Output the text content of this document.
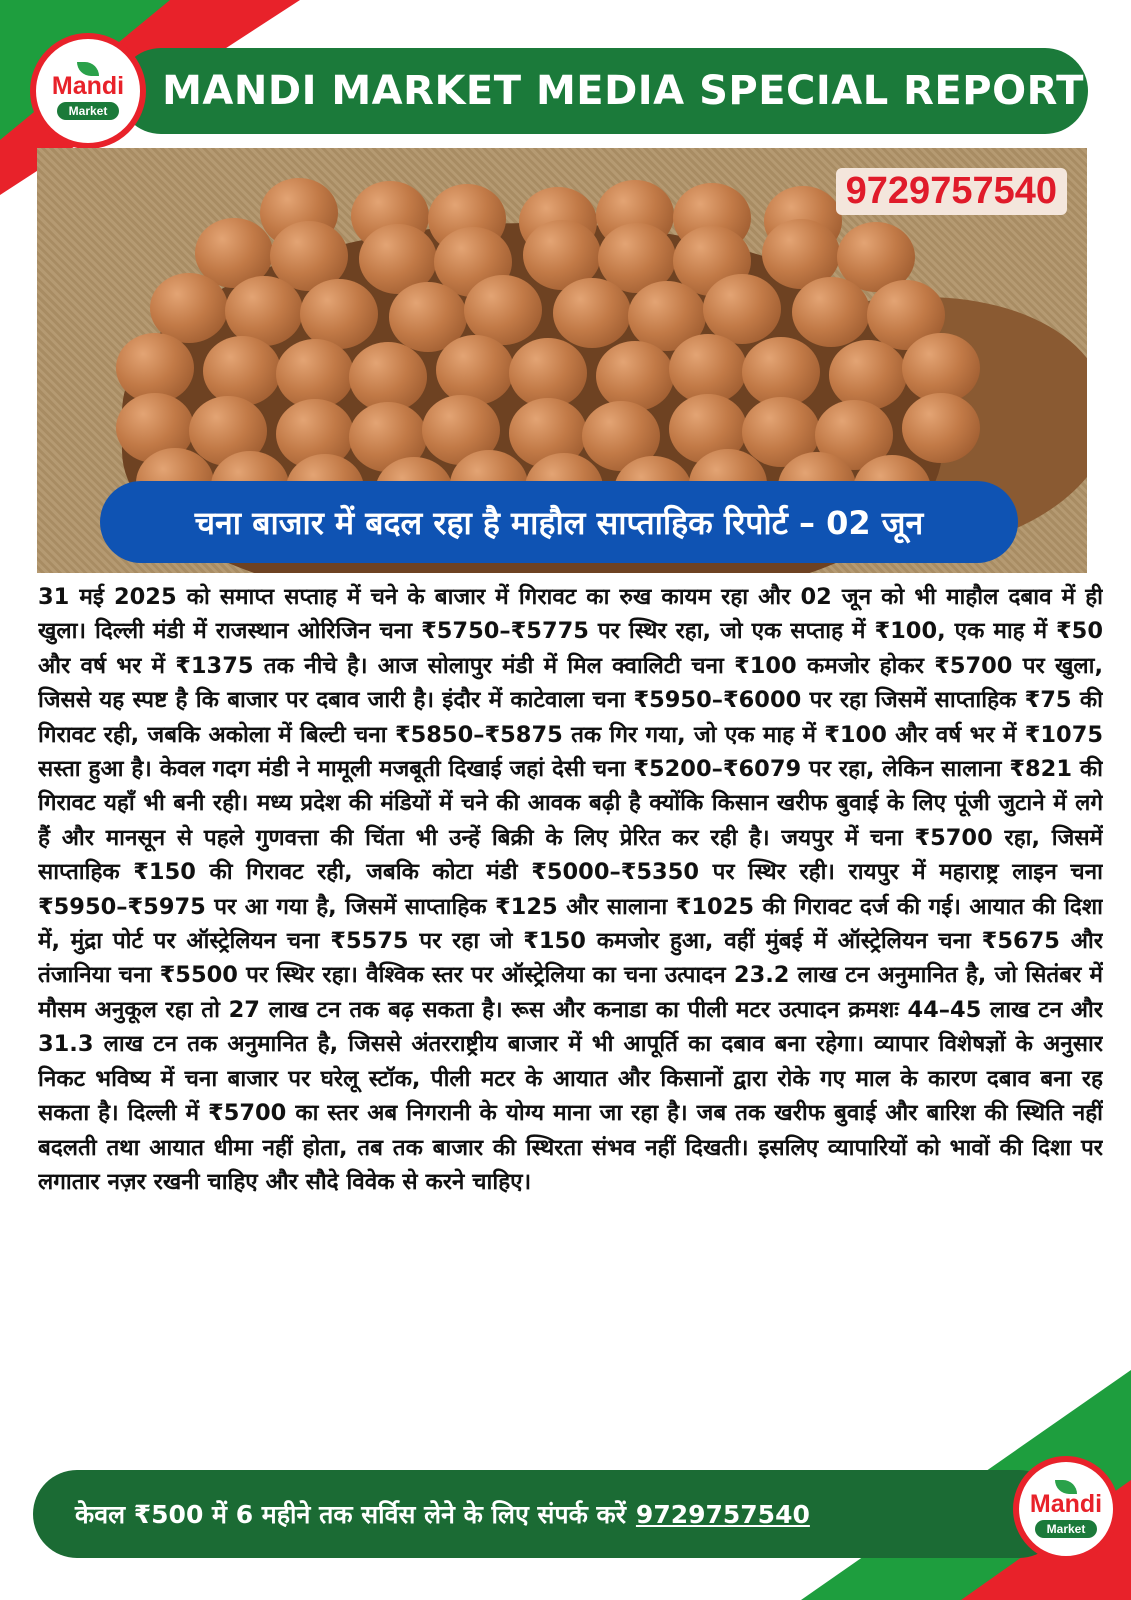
MANDI MARKET MEDIA SPECIAL REPORT
Mandi
Market
9729757540
चना बाजार में बदल रहा है माहौल साप्ताहिक रिपोर्ट – 02 जून
31 मई 2025 को समाप्त सप्ताह में चने के बाजार में गिरावट का रुख कायम रहा और 02 जून को भी माहौल दबाव में ही खुला। दिल्ली मंडी में राजस्थान ओरिजिन चना ₹5750–₹5775 पर स्थिर रहा, जो एक सप्ताह में ₹100, एक माह में ₹50 और वर्ष भर में ₹1375 तक नीचे है। आज सोलापुर मंडी में मिल क्वालिटी चना ₹100 कमजोर होकर ₹5700 पर खुला, जिससे यह स्पष्ट है कि बाजार पर दबाव जारी है। इंदौर में काटेवाला चना ₹5950–₹6000 पर रहा जिसमें साप्ताहिक ₹75 की गिरावट रही, जबकि अकोला में बिल्टी चना ₹5850–₹5875 तक गिर गया, जो एक माह में ₹100 और वर्ष भर में ₹1075 सस्ता हुआ है। केवल गदग मंडी ने मामूली मजबूती दिखाई जहां देसी चना ₹5200–₹6079 पर रहा, लेकिन सालाना ₹821 की गिरावट यहाँ भी बनी रही। मध्य प्रदेश की मंडियों में चने की आवक बढ़ी है क्योंकि किसान खरीफ बुवाई के लिए पूंजी जुटाने में लगे हैं और मानसून से पहले गुणवत्ता की चिंता भी उन्हें बिक्री के लिए प्रेरित कर रही है। जयपुर में चना ₹5700 रहा, जिसमें साप्ताहिक ₹150 की गिरावट रही, जबकि कोटा मंडी ₹5000–₹5350 पर स्थिर रही। रायपुर में महाराष्ट्र लाइन चना ₹5950–₹5975 पर आ गया है, जिसमें साप्ताहिक ₹125 और सालाना ₹1025 की गिरावट दर्ज की गई। आयात की दिशा में, मुंद्रा पोर्ट पर ऑस्ट्रेलियन चना ₹5575 पर रहा जो ₹150 कमजोर हुआ, वहीं मुंबई में ऑस्ट्रेलियन चना ₹5675 और तंजानिया चना ₹5500 पर स्थिर रहा। वैश्विक स्तर पर ऑस्ट्रेलिया का चना उत्पादन 23.2 लाख टन अनुमानित है, जो सितंबर में मौसम अनुकूल रहा तो 27 लाख टन तक बढ़ सकता है। रूस और कनाडा का पीली मटर उत्पादन क्रमशः 44–45 लाख टन और 31.3 लाख टन तक अनुमानित है, जिससे अंतरराष्ट्रीय बाजार में भी आपूर्ति का दबाव बना रहेगा। व्यापार विशेषज्ञों के अनुसार निकट भविष्य में चना बाजार पर घरेलू स्टॉक, पीली मटर के आयात और किसानों द्वारा रोके गए माल के कारण दबाव बना रह सकता है। दिल्ली में ₹5700 का स्तर अब निगरानी के योग्य माना जा रहा है। जब तक खरीफ बुवाई और बारिश की स्थिति नहीं बदलती तथा आयात धीमा नहीं होता, तब तक बाजार की स्थिरता संभव नहीं दिखती। इसलिए व्यापारियों को भावों की दिशा पर लगातार नज़र रखनी चाहिए और सौदे विवेक से करने चाहिए।
केवल ₹500 में 6 महीने तक सर्विस लेने के लिए संपर्क करें 9729757540	Mandi
Market
